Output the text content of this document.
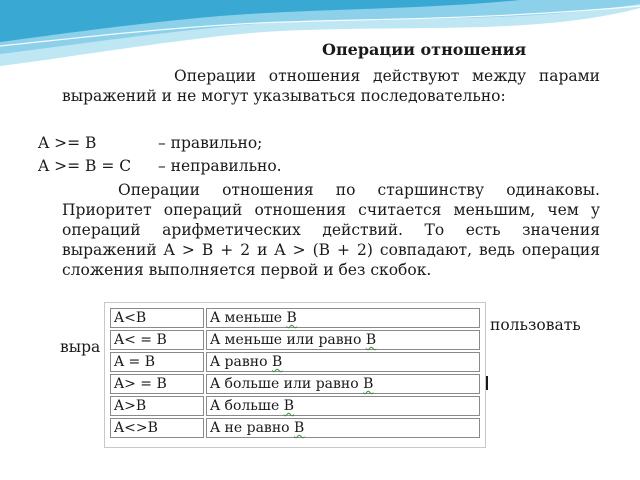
Операции отношения
Операции отношения действуют между парами выражений и не могут указываться последовательно:
A >= B	– правильно;
A >= B = C – неправильно.
Операции отношения по старшинству одинаковы. Приоритет операций отношения считается меньшим, чем у операций арифметических действий. То есть значения выражений A > B + 2 и A > (B + 2) совпадают, ведь операция сложения выполняется первой и без скобок.
пользовать
выра
A<B	A меньше B
A< = B	A меньше или равно B
A = B	A равно B
A> = B	A больше или равно B
A>B	A больше B
A<>B	A не равно B
